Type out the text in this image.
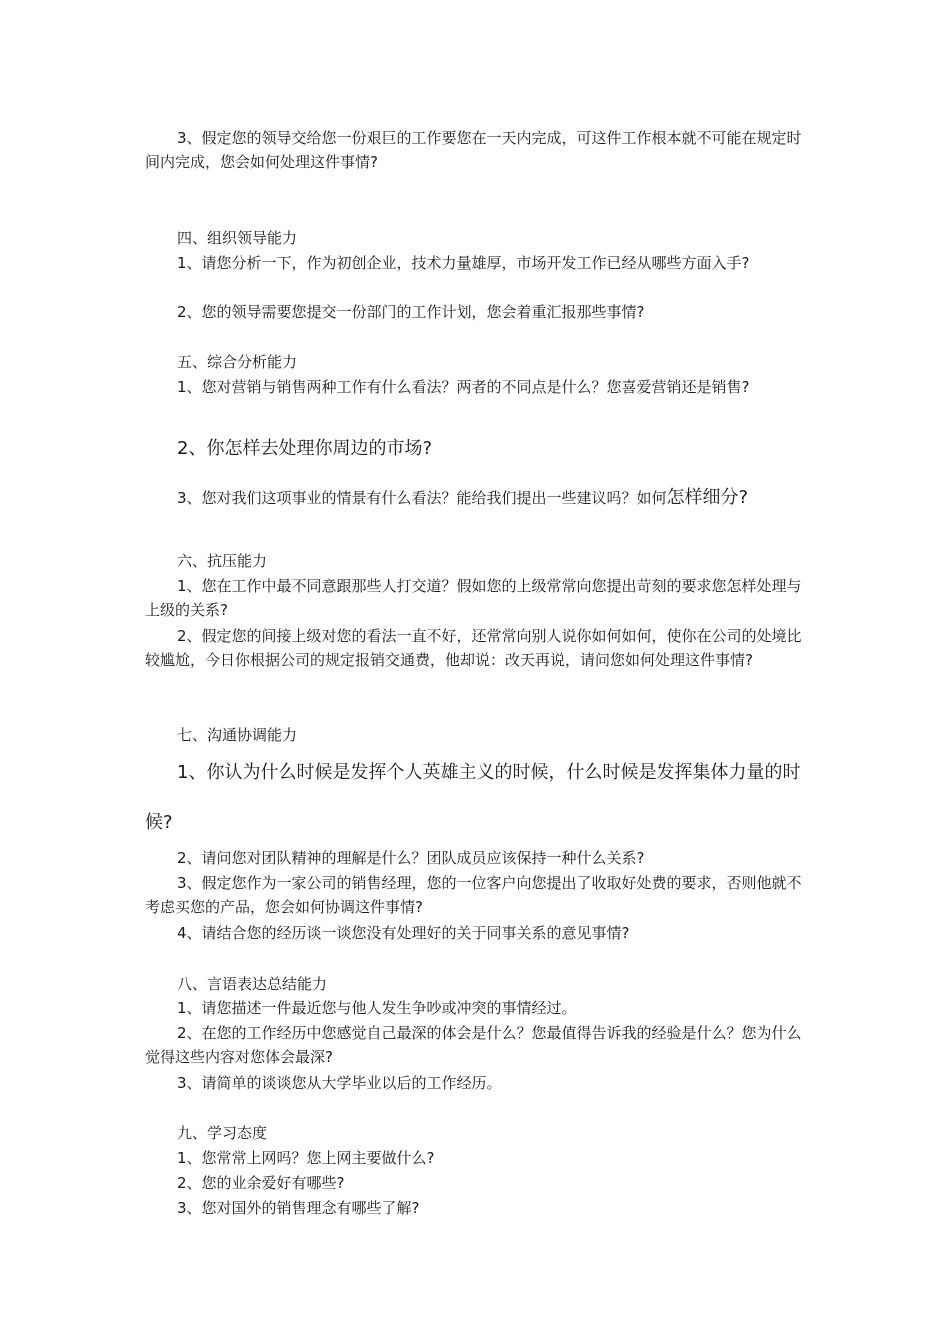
3、假定您的领导交给您一份艰巨的工作要您在一天内完成，可这件工作根本就不可能在规定时间内完成，您会如何处理这件事情?

四、组织领导能力

1、请您分析一下，作为初创企业，技术力量雄厚，市场开发工作已经从哪些方面入手?

2、您的领导需要您提交一份部门的工作计划，您会着重汇报那些事情?

五、综合分析能力

1、您对营销与销售两种工作有什么看法？两者的不同点是什么？您喜爱营销还是销售?

2、你怎样去处理你周边的市场?

3、您对我们这项事业的情景有什么看法？能给我们提出一些建议吗？如何怎样细分?

六、抗压能力

1、您在工作中最不同意跟那些人打交道？假如您的上级常常向您提出苛刻的要求您怎样处理与上级的关系?

2、假定您的间接上级对您的看法一直不好，还常常向别人说你如何如何，使你在公司的处境比较尴尬，今日你根据公司的规定报销交通费，他却说：改天再说，请问您如何处理这件事情?

七、沟通协调能力

1、你认为什么时候是发挥个人英雄主义的时候，什么时候是发挥集体力量的时候?

2、请问您对团队精神的理解是什么？团队成员应该保持一种什么关系?

3、假定您作为一家公司的销售经理，您的一位客户向您提出了收取好处费的要求，否则他就不考虑买您的产品，您会如何协调这件事情?

4、请结合您的经历谈一谈您没有处理好的关于同事关系的意见事情?

八、言语表达总结能力

1、请您描述一件最近您与他人发生争吵或冲突的事情经过。

2、在您的工作经历中您感觉自己最深的体会是什么？您最值得告诉我的经验是什么？您为什么觉得这些内容对您体会最深?

3、请简单的谈谈您从大学毕业以后的工作经历。

九、学习态度

1、您常常上网吗？您上网主要做什么?

2、您的业余爱好有哪些?

3、您对国外的销售理念有哪些了解?
